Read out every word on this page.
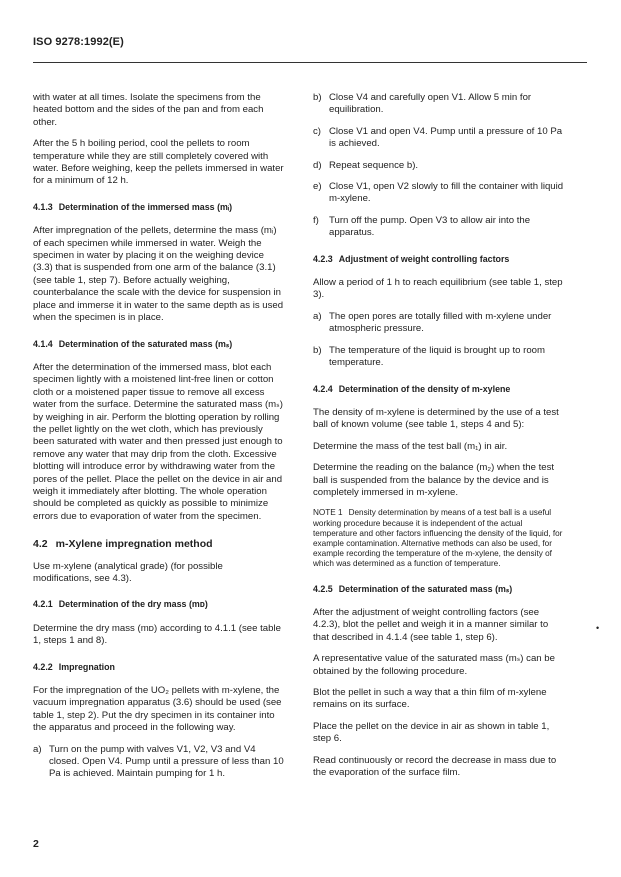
ISO 9278:1992(E)

with water at all times. Isolate the specimens from the heated bottom and the sides of the pan and from each other.

After the 5 h boiling period, cool the pellets to room temperature while they are still completely covered with water. Before weighing, keep the pellets immersed in water for a minimum of 12 h.

4.1.3 Determination of the immersed mass (mᵢ)

After impregnation of the pellets, determine the mass (mᵢ) of each specimen while immersed in water. Weigh the specimen in water by placing it on the weighing device (3.3) that is suspended from one arm of the balance (3.1) (see table 1, step 7). Before actually weighing, counterbalance the scale with the device for suspension in place and immerse it in water to the same depth as is used when the specimen is in place.

4.1.4 Determination of the saturated mass (mₛ)

After the determination of the immersed mass, blot each specimen lightly with a moistened lint-free linen or cotton cloth or a moistened paper tissue to remove all excess water from the surface. Determine the saturated mass (mₛ) by weighing in air. Perform the blotting operation by rolling the pellet lightly on the wet cloth, which has previously been saturated with water and then pressed just enough to remove any water that may drip from the cloth. Excessive blotting will introduce error by withdrawing water from the pores of the pellet. Place the pellet on the device in air and weigh it immediately after blotting. The whole operation should be completed as quickly as possible to minimize errors due to evaporation of water from the specimen.

4.2 m-Xylene impregnation method

Use m-xylene (analytical grade) (for possible modifications, see 4.3).

4.2.1 Determination of the dry mass (mᴅ)

Determine the dry mass (mᴅ) according to 4.1.1 (see table 1, steps 1 and 8).

4.2.2 Impregnation

For the impregnation of the UO₂ pellets with m-xylene, the vacuum impregnation apparatus (3.6) should be used (see table 1, step 2). Put the dry specimen in its container into the apparatus and proceed in the following way.

a) Turn on the pump with valves V1, V2, V3 and V4 closed. Open V4. Pump until a pressure of less than 10 Pa is achieved. Maintain pumping for 1 h.
b) Close V4 and carefully open V1. Allow 5 min for equilibration.
c) Close V1 and open V4. Pump until a pressure of 10 Pa is achieved.
d) Repeat sequence b).
e) Close V1, open V2 slowly to fill the container with liquid m-xylene.
f)	Turn off the pump. Open V3 to allow air into the apparatus.
4.2.3 Adjustment of weight controlling factors

Allow a period of 1 h to reach equilibrium (see table 1, step 3).

a) The open pores are totally filled with m-xylene under atmospheric pressure.
b) The temperature of the liquid is brought up to room temperature.
4.2.4 Determination of the density of m-xylene

The density of m-xylene is determined by the use of a test ball of known volume (see table 1, steps 4 and 5):

Determine the mass of the test ball (m₁) in air.

Determine the reading on the balance (m₂) when the test ball is suspended from the balance by the device and is completely immersed in m-xylene.

NOTE 1 Density determination by means of a test ball is a useful working procedure because it is independent of the actual temperature and other factors influencing the density of the liquid, for example contamination. Alternative methods can also be used, for example recording the temperature of the m-xylene, the density of which was determined as a function of temperature.
4.2.5 Determination of the saturated mass (mₛ)

After the adjustment of weight controlling factors (see 4.2.3), blot the pellet and weigh it in a manner similar to that described in 4.1.4 (see table 1, step 6).

A representative value of the saturated mass (mₛ) can be obtained by the following procedure.

Blot the pellet in such a way that a thin film of m-xylene remains on its surface.

Place the pellet on the device in air as shown in table 1, step 6.

Read continuously or record the decrease in mass due to the evaporation of the surface film.

•
2
